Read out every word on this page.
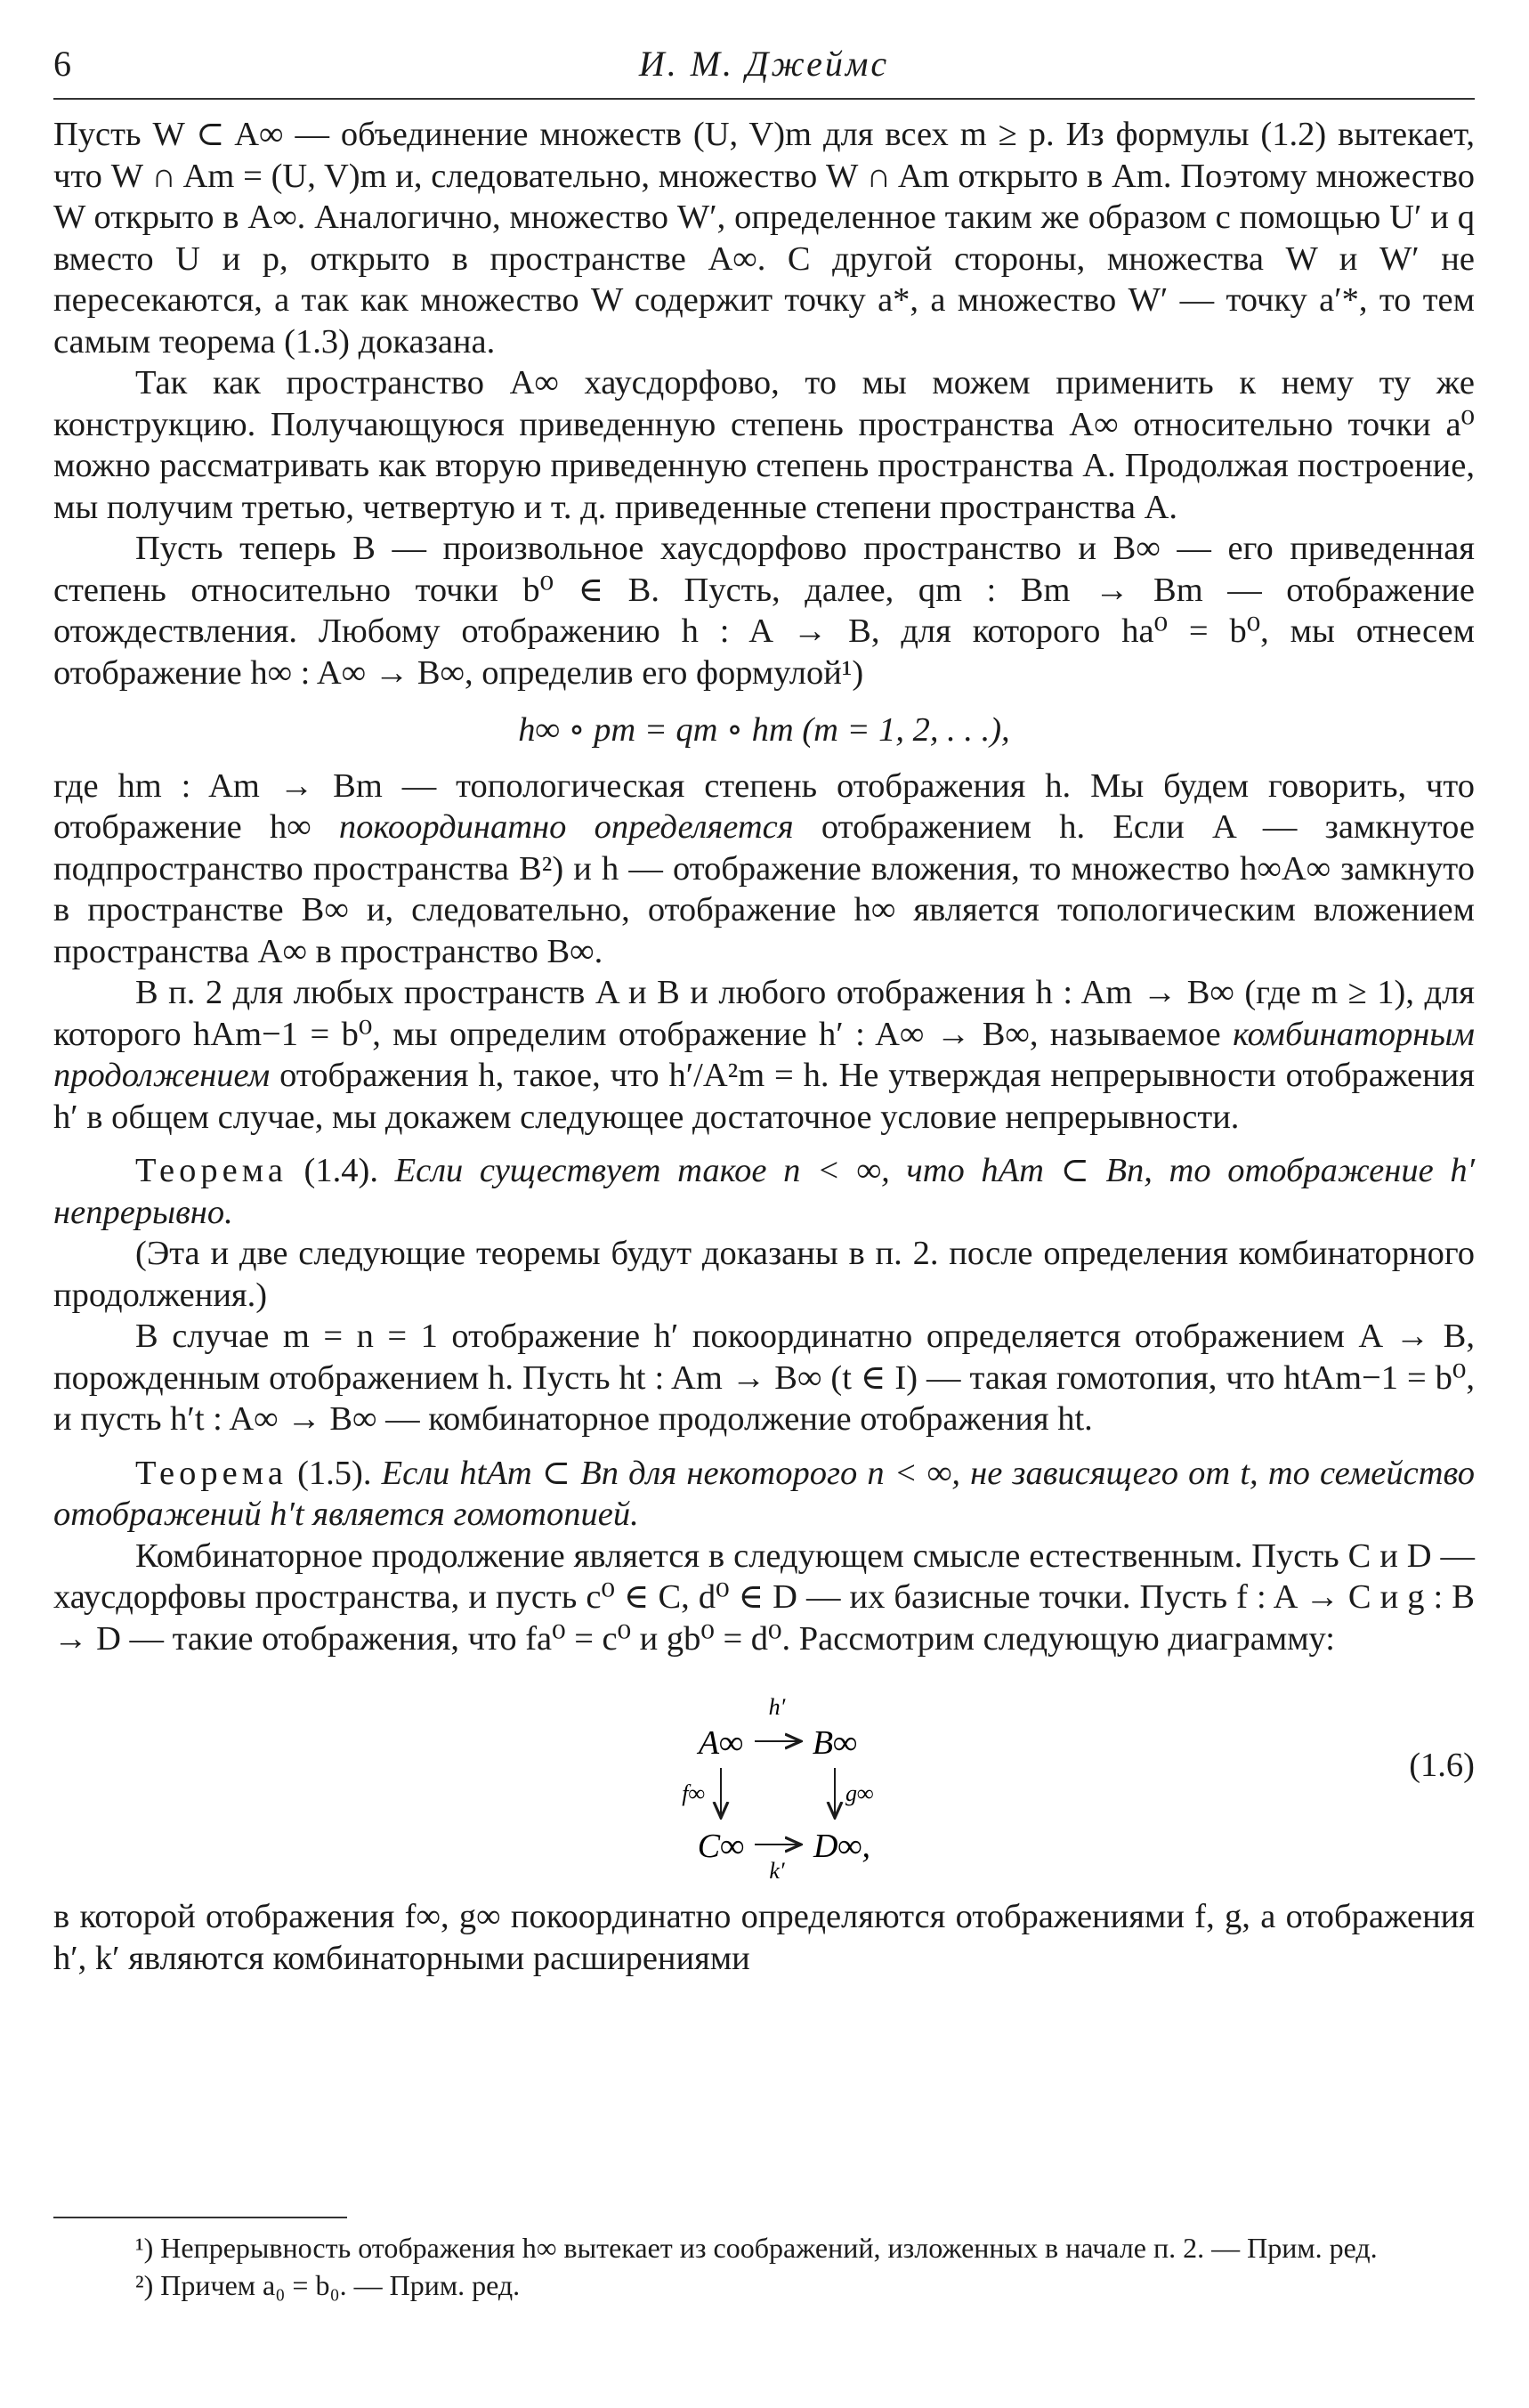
6	И. М. Джеймс

Пусть W ⊂ A∞ — объединение множеств (U, V)m для всех m ≥ p. Из формулы (1.2) вытекает, что W ∩ Am = (U, V)m и, следовательно, множество W ∩ Am открыто в Am. Поэтому множество W открыто в A∞. Аналогично, множество W′, определенное таким же образом с помощью U′ и q вместо U и p, открыто в пространстве A∞. С другой стороны, множества W и W′ не пересекаются, а так как множество W содержит точку a*, а множество W′ — точку a′*, то тем самым теорема (1.3) доказана.

Так как пространство A∞ хаусдорфово, то мы можем применить к нему ту же конструкцию. Получающуюся приведенную степень пространства A∞ относительно точки a⁰ можно рассматривать как вторую приведенную степень пространства A. Продолжая построение, мы получим третью, четвертую и т. д. приведенные степени пространства A.

Пусть теперь B — произвольное хаусдорфово пространство и B∞ — его приведенная степень относительно точки b⁰ ∈ B. Пусть, далее, qm : Bm → Bm — отображение отождествления. Любому отображению h : A → B, для которого ha⁰ = b⁰, мы отнесем отображение h∞ : A∞ → B∞, определив его формулой¹)

h∞ ∘ pm = qm ∘ hm (m = 1, 2, . . .),

где hm : Am → Bm — топологическая степень отображения h. Мы будем говорить, что отображение h∞ покоординатно определяется отображением h. Если A — замкнутое подпространство пространства B²) и h — отображение вложения, то множество h∞A∞ замкнуто в пространстве B∞ и, следовательно, отображение h∞ является топологическим вложением пространства A∞ в пространство B∞.

В п. 2 для любых пространств A и B и любого отображения h : Am → B∞ (где m ≥ 1), для которого hAm−1 = b⁰, мы определим отображение h′ : A∞ → B∞, называемое комбинаторным продолжением отображения h, такое, что h′/A²m = h. Не утверждая непрерывности отображения h′ в общем случае, мы докажем следующее достаточное условие непрерывности.

Теорема (1.4). Если существует такое n < ∞, что hAm ⊂ Bn, то отображение h′ непрерывно.

(Эта и две следующие теоремы будут доказаны в п. 2. после определения комбинаторного продолжения.)

В случае m = n = 1 отображение h′ покоординатно определяется отображением A → B, порожденным отображением h. Пусть ht : Am → B∞ (t ∈ I) — такая гомотопия, что htAm−1 = b⁰, и пусть h′t : A∞ → B∞ — комбинаторное продолжение отображения ht.

Теорема (1.5). Если htAm ⊂ Bn для некоторого n < ∞, не зависящего от t, то семейство отображений h′t является гомотопией.

Комбинаторное продолжение является в следующем смысле естественным. Пусть C и D — хаусдорфовы пространства, и пусть c⁰ ∈ C, d⁰ ∈ D — их базисные точки. Пусть f : A → C и g : B → D — такие отображения, что fa⁰ = c⁰ и gb⁰ = d⁰. Рассмотрим следующую диаграмму:

A∞ B∞
C∞ D∞,
h′
k′
f∞	g∞
(1.6)

в которой отображения f∞, g∞ покоординатно определяются отображениями f, g, а отображения h′, k′ являются комбинаторными расширениями

¹) Непрерывность отображения h∞ вытекает из соображений, изложенных в начале п. 2. — Прим. ред.

²) Причем a₀ = b₀. — Прим. ред.
